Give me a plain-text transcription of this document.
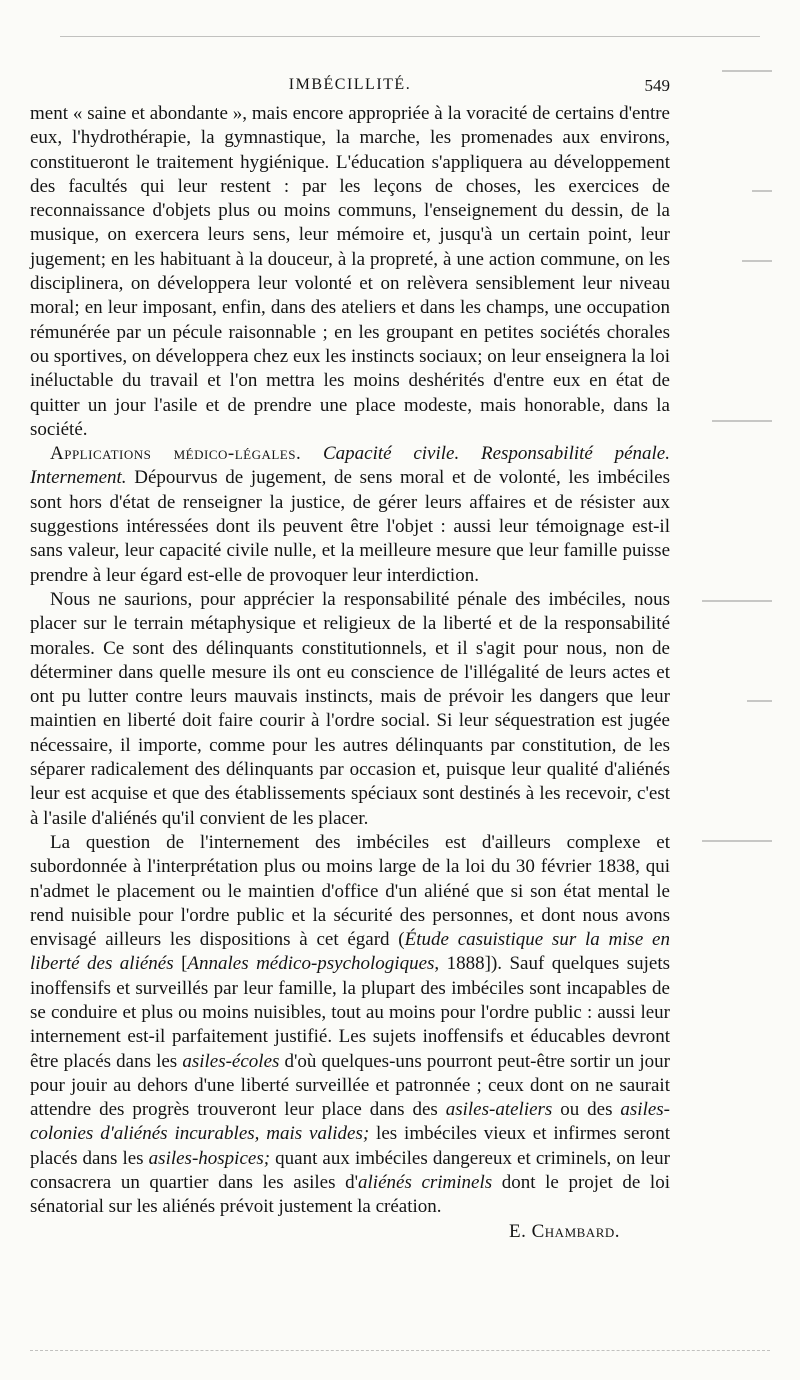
IMBÉCILLITÉ.	549

ment « saine et abondante », mais encore appropriée à la voracité de certains d'entre eux, l'hydrothérapie, la gymnastique, la marche, les promenades aux environs, constitueront le traitement hygiénique. L'éducation s'appliquera au développement des facultés qui leur restent : par les leçons de choses, les exercices de reconnaissance d'objets plus ou moins communs, l'enseignement du dessin, de la musique, on exercera leurs sens, leur mémoire et, jusqu'à un certain point, leur jugement; en les habituant à la douceur, à la propreté, à une action commune, on les disciplinera, on développera leur volonté et on relèvera sensiblement leur niveau moral; en leur imposant, enfin, dans des ateliers et dans les champs, une occupation rémunérée par un pécule raisonnable ; en les groupant en petites sociétés chorales ou sportives, on développera chez eux les instincts sociaux; on leur enseignera la loi inéluctable du travail et l'on mettra les moins deshérités d'entre eux en état de quitter un jour l'asile et de prendre une place modeste, mais honorable, dans la société.

Applications médico-légales. Capacité civile. Responsabilité pénale. Internement. Dépourvus de jugement, de sens moral et de volonté, les imbéciles sont hors d'état de renseigner la justice, de gérer leurs affaires et de résister aux suggestions intéressées dont ils peuvent être l'objet : aussi leur témoignage est-il sans valeur, leur capacité civile nulle, et la meilleure mesure que leur famille puisse prendre à leur égard est-elle de provoquer leur interdiction.

Nous ne saurions, pour apprécier la responsabilité pénale des imbéciles, nous placer sur le terrain métaphysique et religieux de la liberté et de la responsabilité morales. Ce sont des délinquants constitutionnels, et il s'agit pour nous, non de déterminer dans quelle mesure ils ont eu conscience de l'illégalité de leurs actes et ont pu lutter contre leurs mauvais instincts, mais de prévoir les dangers que leur maintien en liberté doit faire courir à l'ordre social. Si leur séquestration est jugée nécessaire, il importe, comme pour les autres délinquants par constitution, de les séparer radicalement des délinquants par occasion et, puisque leur qualité d'aliénés leur est acquise et que des établissements spéciaux sont destinés à les recevoir, c'est à l'asile d'aliénés qu'il convient de les placer.

La question de l'internement des imbéciles est d'ailleurs complexe et subordonnée à l'interprétation plus ou moins large de la loi du 30 février 1838, qui n'admet le placement ou le maintien d'office d'un aliéné que si son état mental le rend nuisible pour l'ordre public et la sécurité des personnes, et dont nous avons envisagé ailleurs les dispositions à cet égard (Étude casuistique sur la mise en liberté des aliénés [Annales médico-psychologiques, 1888]). Sauf quelques sujets inoffensifs et surveillés par leur famille, la plupart des imbéciles sont incapables de se conduire et plus ou moins nuisibles, tout au moins pour l'ordre public : aussi leur internement est-il parfaitement justifié. Les sujets inoffensifs et éducables devront être placés dans les asiles-écoles d'où quelques-uns pourront peut-être sortir un jour pour jouir au dehors d'une liberté surveillée et patronnée ; ceux dont on ne saurait attendre des progrès trouveront leur place dans des asiles-ateliers ou des asiles-colonies d'aliénés incurables, mais valides; les imbéciles vieux et infirmes seront placés dans les asiles-hospices; quant aux imbéciles dangereux et criminels, on leur consacrera un quartier dans les asiles d'aliénés criminels dont le projet de loi sénatorial sur les aliénés prévoit justement la création.

E. Chambard.
